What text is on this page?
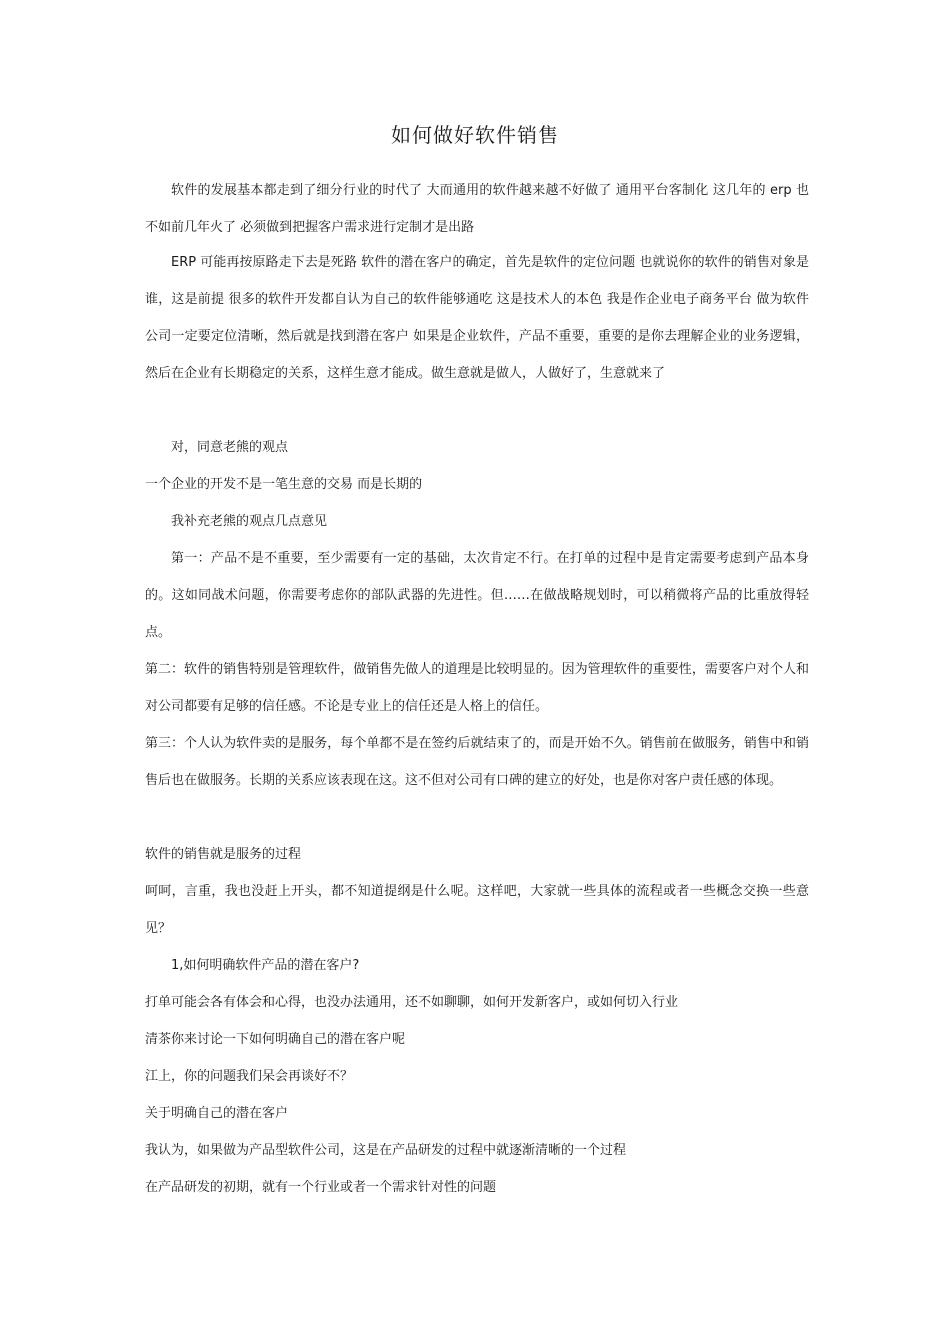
如何做好软件销售
软件的发展基本都走到了细分行业的时代了 大而通用的软件越来越不好做了 通用平台客制化 这几年的 erp 也不如前几年火了 必须做到把握客户需求进行定制才是出路
ERP 可能再按原路走下去是死路 软件的潜在客户的确定，首先是软件的定位问题 也就说你的软件的销售对象是谁，这是前提 很多的软件开发都自认为自己的软件能够通吃 这是技术人的本色 我是作企业电子商务平台 做为软件公司一定要定位清晰，然后就是找到潜在客户 如果是企业软件，产品不重要，重要的是你去理解企业的业务逻辑，然后在企业有长期稳定的关系，这样生意才能成。做生意就是做人，人做好了，生意就来了
对，同意老熊的观点
一个企业的开发不是一笔生意的交易 而是长期的
我补充老熊的观点几点意见
第一：产品不是不重要，至少需要有一定的基础，太次肯定不行。在打单的过程中是肯定需要考虑到产品本身的。这如同战术问题，你需要考虑你的部队武器的先进性。但……在做战略规划时，可以稍微将产品的比重放得轻点。
第二：软件的销售特别是管理软件，做销售先做人的道理是比较明显的。因为管理软件的重要性，需要客户对个人和对公司都要有足够的信任感。不论是专业上的信任还是人格上的信任。
第三：个人认为软件卖的是服务，每个单都不是在签约后就结束了的，而是开始不久。销售前在做服务，销售中和销售后也在做服务。长期的关系应该表现在这。这不但对公司有口碑的建立的好处，也是你对客户责任感的体现。
软件的销售就是服务的过程
呵呵，言重，我也没赶上开头，都不知道提纲是什么呢。这样吧，大家就一些具体的流程或者一些概念交换一些意见？
1,如何明确软件产品的潜在客户?
打单可能会各有体会和心得，也没办法通用，还不如聊聊，如何开发新客户，或如何切入行业
清茶你来讨论一下如何明确自己的潜在客户呢
江上，你的问题我们呆会再谈好不？
关于明确自己的潜在客户
我认为，如果做为产品型软件公司，这是在产品研发的过程中就逐渐清晰的一个过程
在产品研发的初期，就有一个行业或者一个需求针对性的问题
